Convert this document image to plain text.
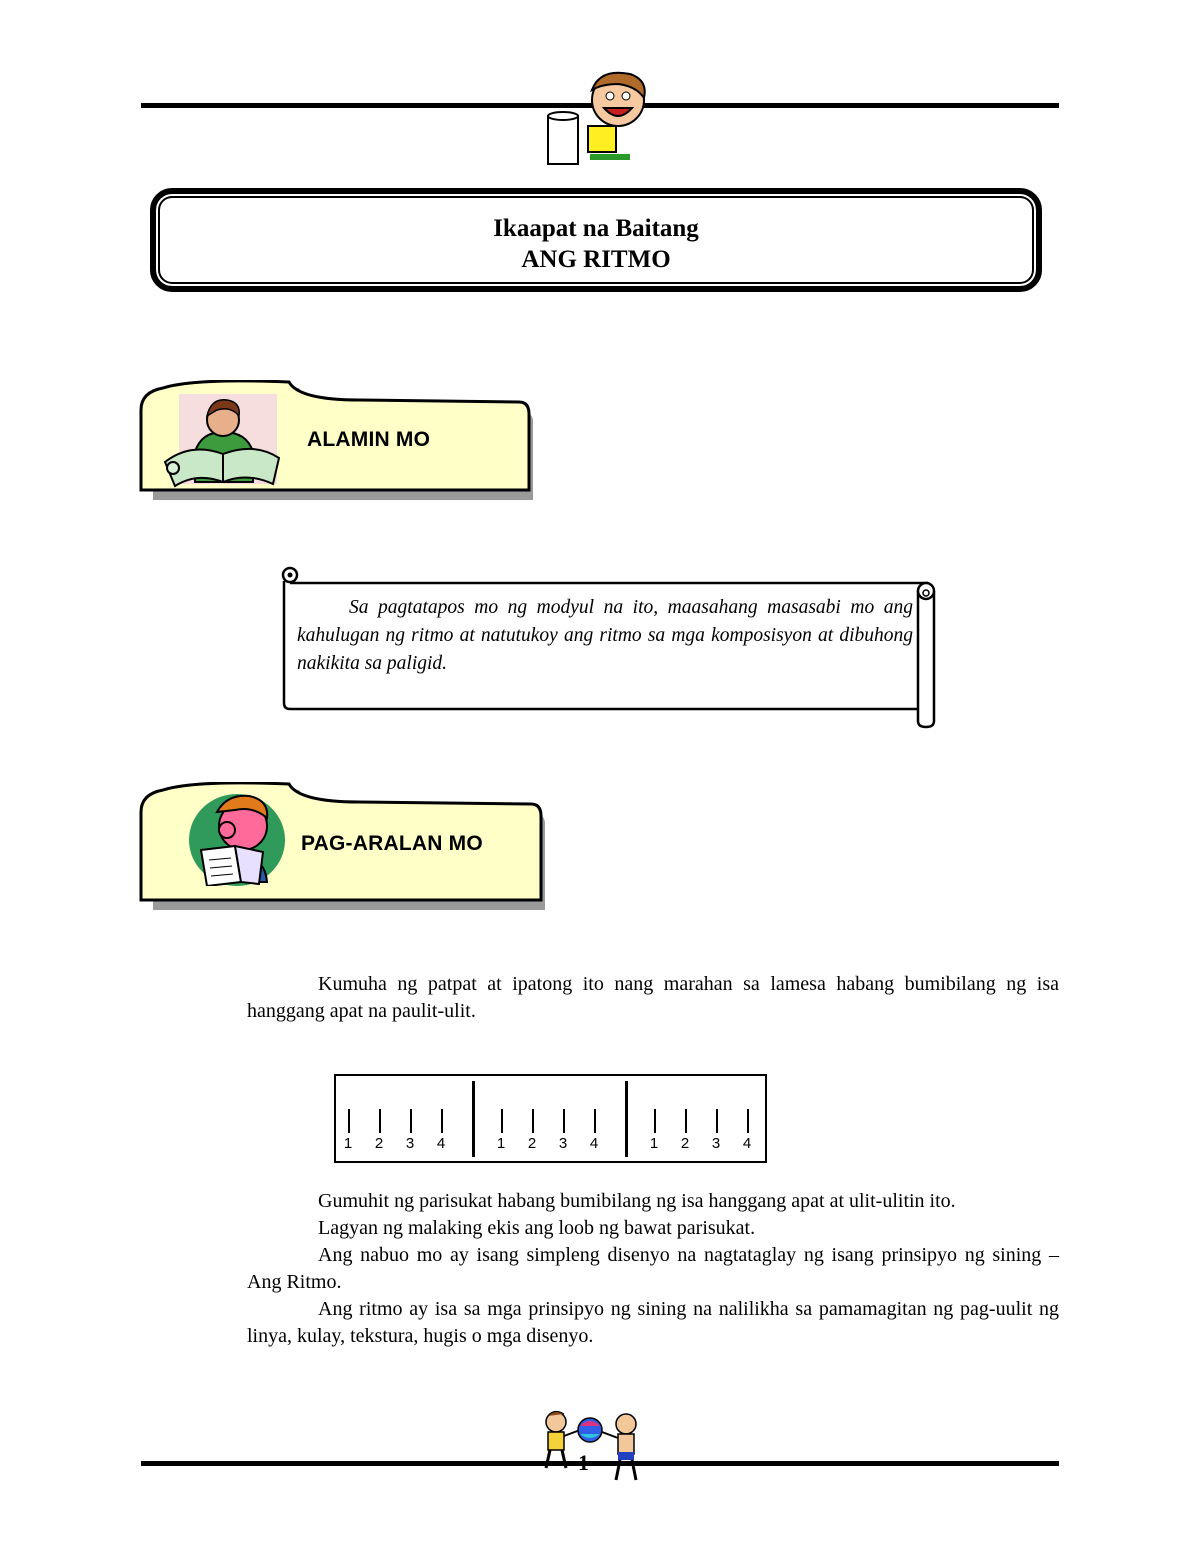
Ikaapat na Baitang
ANG RITMO
ALAMIN MO
Sa pagtatapos mo ng modyul na ito, maasahang masasabi mo ang kahulugan ng ritmo at natutukoy ang ritmo sa mga komposisyon at dibuhong nakikita sa paligid.
PAG-ARALAN MO

Kumuha ng patpat at ipatong ito nang marahan sa lamesa habang bumibilang ng isa hanggang apat na paulit-ulit.

1 2 3 4	1 2 3 4	1 2 3 4

Gumuhit ng parisukat habang bumibilang ng isa hanggang apat at ulit-ulitin ito.

Lagyan ng malaking ekis ang loob ng bawat parisukat.

Ang nabuo mo ay isang simpleng disenyo na nagtataglay ng isang prinsipyo ng sining – Ang Ritmo.

Ang ritmo ay isa sa mga prinsipyo ng sining na nalilikha sa pamamagitan ng pag-uulit ng linya, kulay, tekstura, hugis o mga disenyo.

1
